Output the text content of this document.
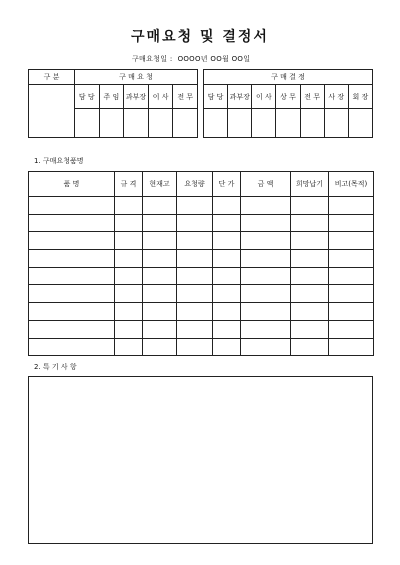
구매요청 및 결정서
구매요청일 : OOOO년 OO월 OO일
구 분	구 매 요 청				
	담 당	주 임	과부장	이 사	전 무

구 매 결 정						
담 당	과부장	이 사	상 무	전 무	사 장	회 장

1. 구매요청품명
품 명	규 격	현재고	요청량	단 가	금 액	희망납기	비고(목적)

2. 특 기 사 항
